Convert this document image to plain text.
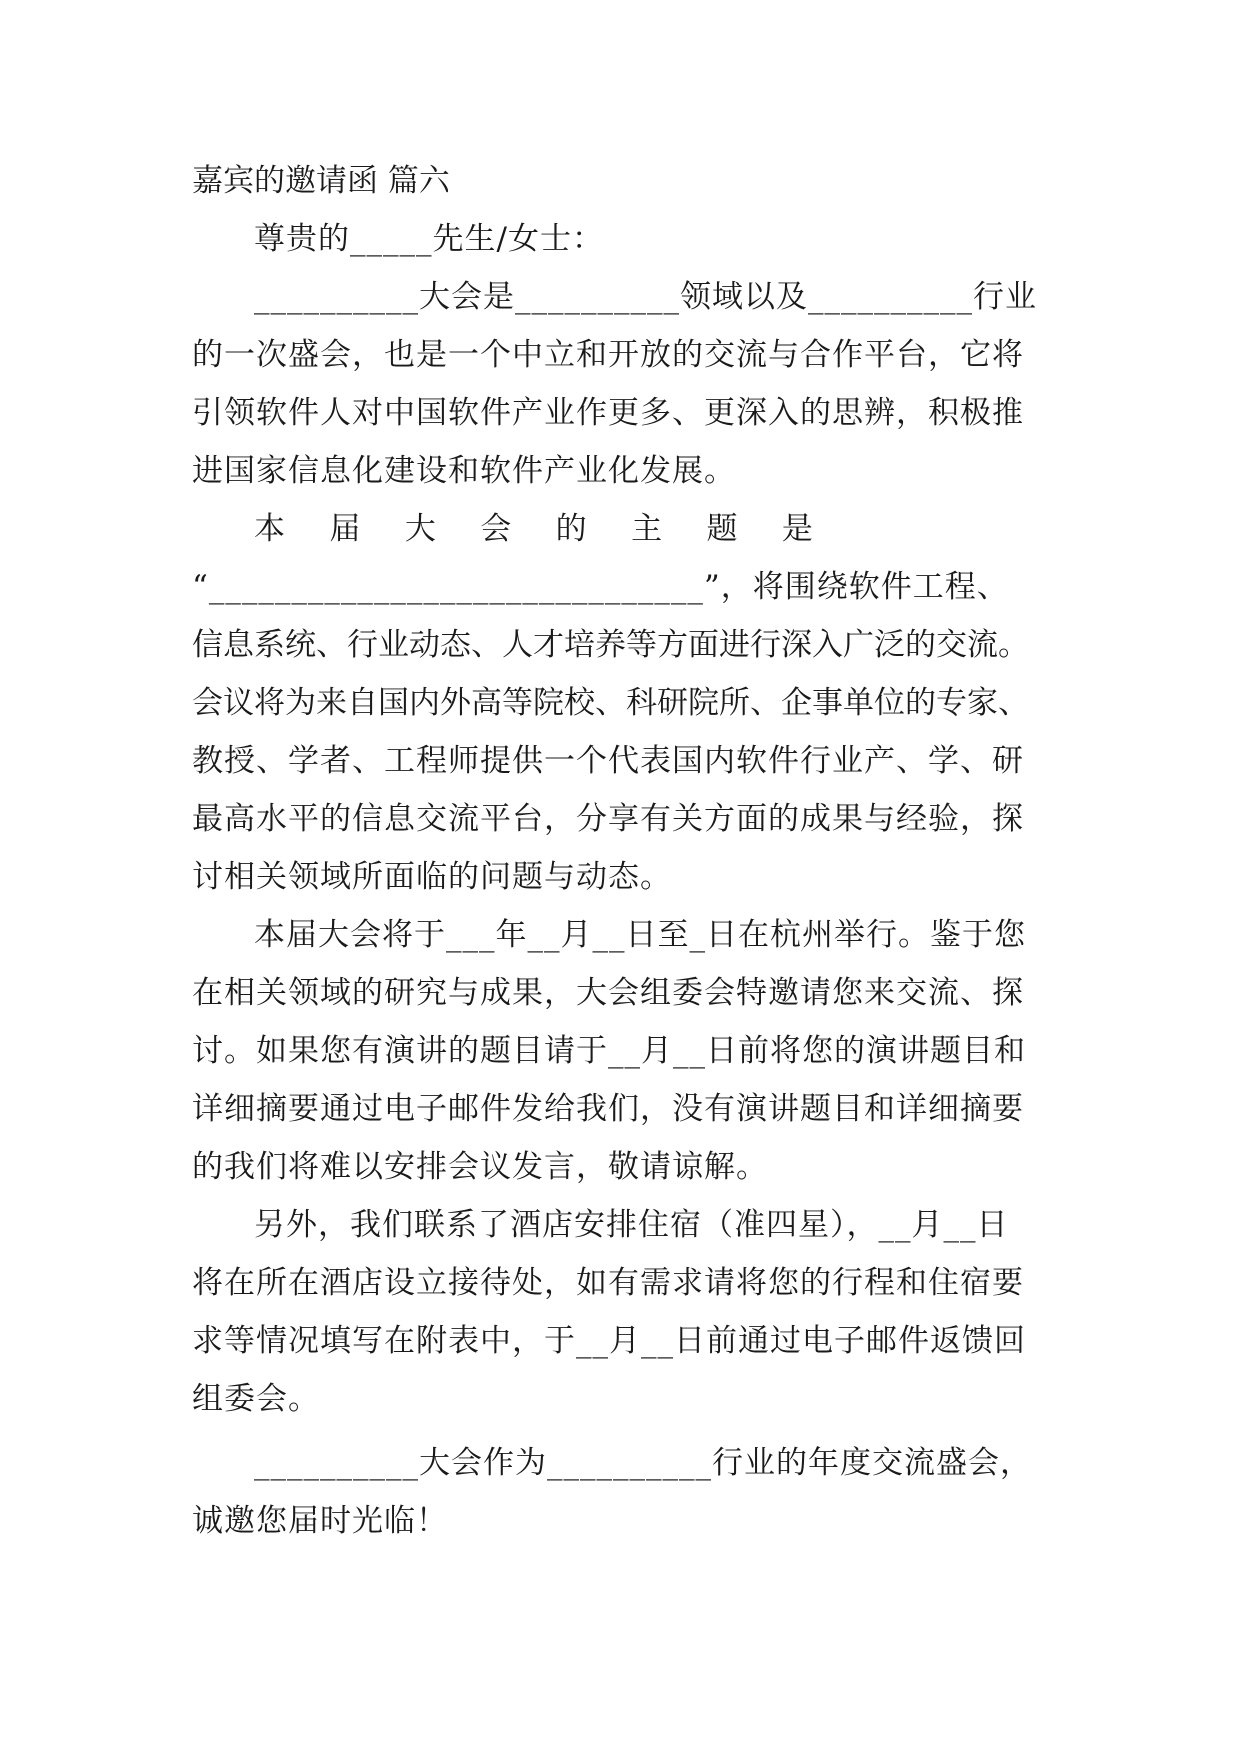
嘉宾的邀请函 篇六
尊贵的_____先生/女士：
__________大会是__________领域以及__________行业
的一次盛会，也是一个中立和开放的交流与合作平台，它将
引领软件人对中国软件产业作更多、更深入的思辨，积极推
进国家信息化建设和软件产业化发展。
本    届    大    会    的    主    题    是
“______________________________”，将围绕软件工程、
信息系统、行业动态、人才培养等方面进行深入广泛的交流。
会议将为来自国内外高等院校、科研院所、企事单位的专家、
教授、学者、工程师提供一个代表国内软件行业产、学、研
最高水平的信息交流平台，分享有关方面的成果与经验，探
讨相关领域所面临的问题与动态。
本届大会将于___年__月__日至_日在杭州举行。鉴于您
在相关领域的研究与成果，大会组委会特邀请您来交流、探
讨。如果您有演讲的题目请于__月__日前将您的演讲题目和
详细摘要通过电子邮件发给我们，没有演讲题目和详细摘要
的我们将难以安排会议发言，敬请谅解。
另外，我们联系了酒店安排住宿（准四星），__月__日
将在所在酒店设立接待处，如有需求请将您的行程和住宿要
求等情况填写在附表中，于__月__日前通过电子邮件返馈回
组委会。
__________大会作为__________行业的年度交流盛会，
诚邀您届时光临！
